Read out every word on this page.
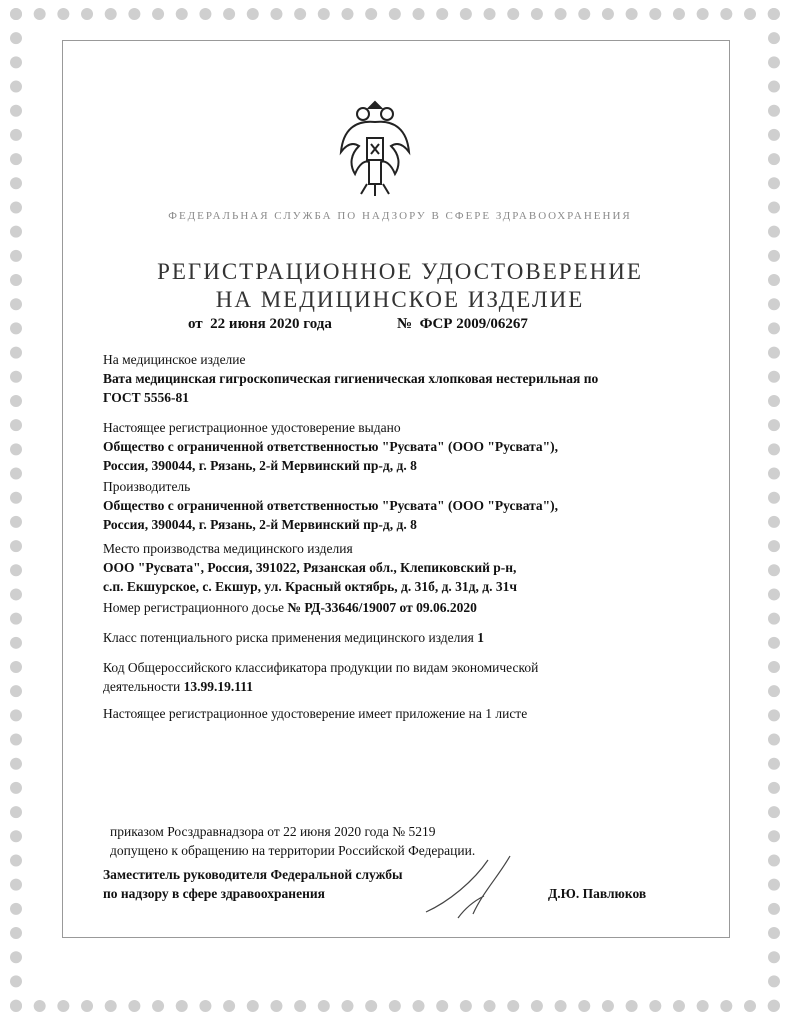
ФЕДЕРАЛЬНАЯ СЛУЖБА ПО НАДЗОРУ В СФЕРЕ ЗДРАВООХРАНЕНИЯ
РЕГИСТРАЦИОННОЕ УДОСТОВЕРЕНИЕ
НА МЕДИЦИНСКОЕ ИЗДЕЛИЕ
от 22 июня 2020 года	№ ФСР 2009/06267
На медицинское изделие
Вата медицинская гигроскопическая гигиеническая хлопковая нестерильная по
ГОСТ 5556-81
Настоящее регистрационное удостоверение выдано
Общество с ограниченной ответственностью "Русвата" (ООО "Русвата"),
Россия, 390044, г. Рязань, 2-й Мервинский пр-д, д. 8
Производитель
Общество с ограниченной ответственностью "Русвата" (ООО "Русвата"),
Россия, 390044, г. Рязань, 2-й Мервинский пр-д, д. 8
Место производства медицинского изделия
ООО "Русвата", Россия, 391022, Рязанская обл., Клепиковский р-н,
с.п. Екшурское, с. Екшур, ул. Красный октябрь, д. 31б, д. 31д, д. 31ч
Номер регистрационного досье № РД-33646/19007 от 09.06.2020
Класс потенциального риска применения медицинского изделия 1
Код Общероссийского классификатора продукции по видам экономической
деятельности 13.99.19.111
Настоящее регистрационное удостоверение имеет приложение на 1 листе
приказом Росздравнадзора от 22 июня 2020 года № 5219
допущено к обращению на территории Российской Федерации.
Заместитель руководителя Федеральной службы
по надзору в сфере здравоохранения	Д.Ю. Павлюков
